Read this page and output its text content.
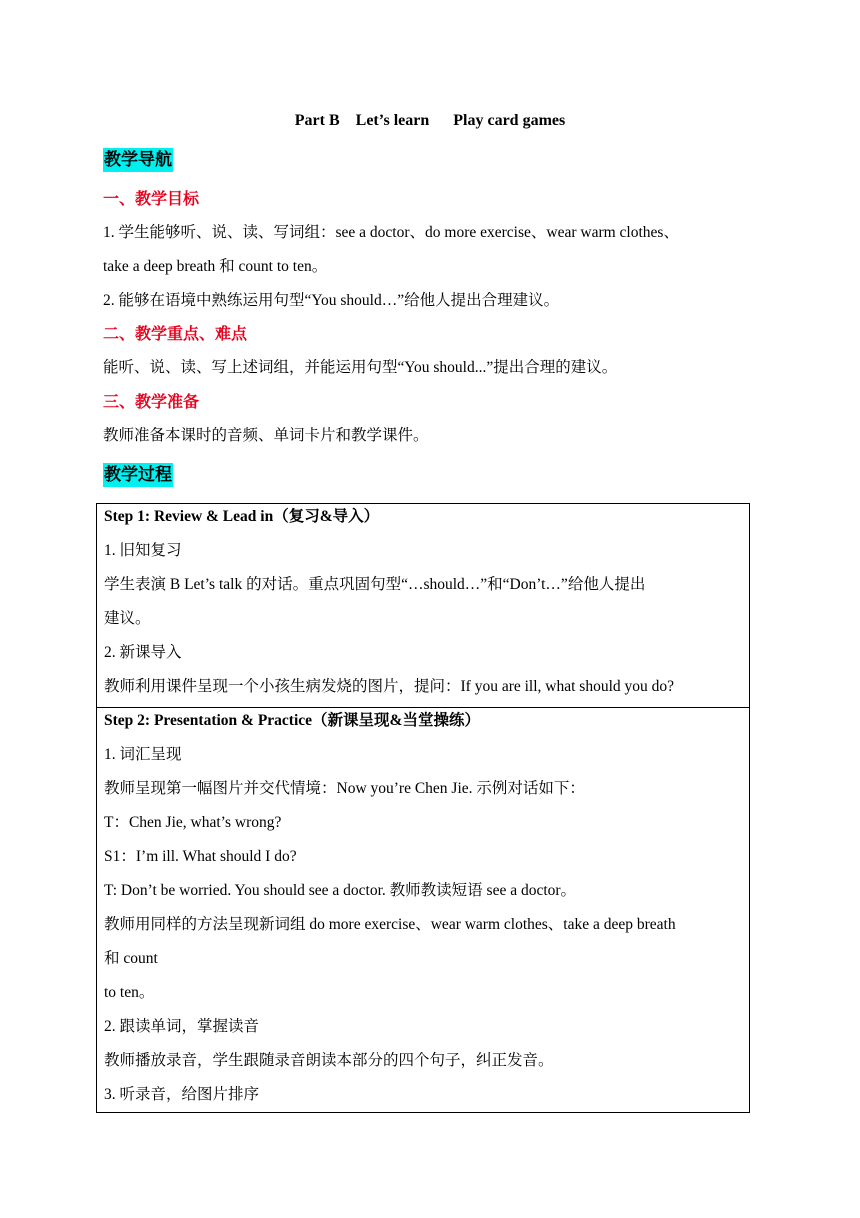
Part B    Let’s learn      Play card games
教学导航
一、教学目标
1. 学生能够听、说、读、写词组：see a doctor、do more exercise、wear warm clothes、
take a deep breath 和 count to ten。
2. 能够在语境中熟练运用句型“You should…”给他人提出合理建议。
二、教学重点、难点
能听、说、读、写上述词组，并能运用句型“You should...”提出合理的建议。
三、教学准备
教师准备本课时的音频、单词卡片和教学课件。
教学过程
Step 1: Review & Lead in（复习&导入）
1. 旧知复习
学生表演 B Let’s talk 的对话。重点巩固句型“…should…”和“Don’t…”给他人提出
建议。
2. 新课导入
教师利用课件呈现一个小孩生病发烧的图片，提问：If you are ill, what should you do?
Step 2: Presentation & Practice（新课呈现&当堂操练）
1. 词汇呈现
教师呈现第一幅图片并交代情境：Now you’re Chen Jie. 示例对话如下：
T：Chen Jie, what’s wrong?
S1：I’m ill. What should I do?
T: Don’t be worried. You should see a doctor. 教师教读短语 see a doctor。
教师用同样的方法呈现新词组 do more exercise、wear warm clothes、take a deep breath
和 count
to ten。
2. 跟读单词，掌握读音
教师播放录音，学生跟随录音朗读本部分的四个句子，纠正发音。
3. 听录音，给图片排序
